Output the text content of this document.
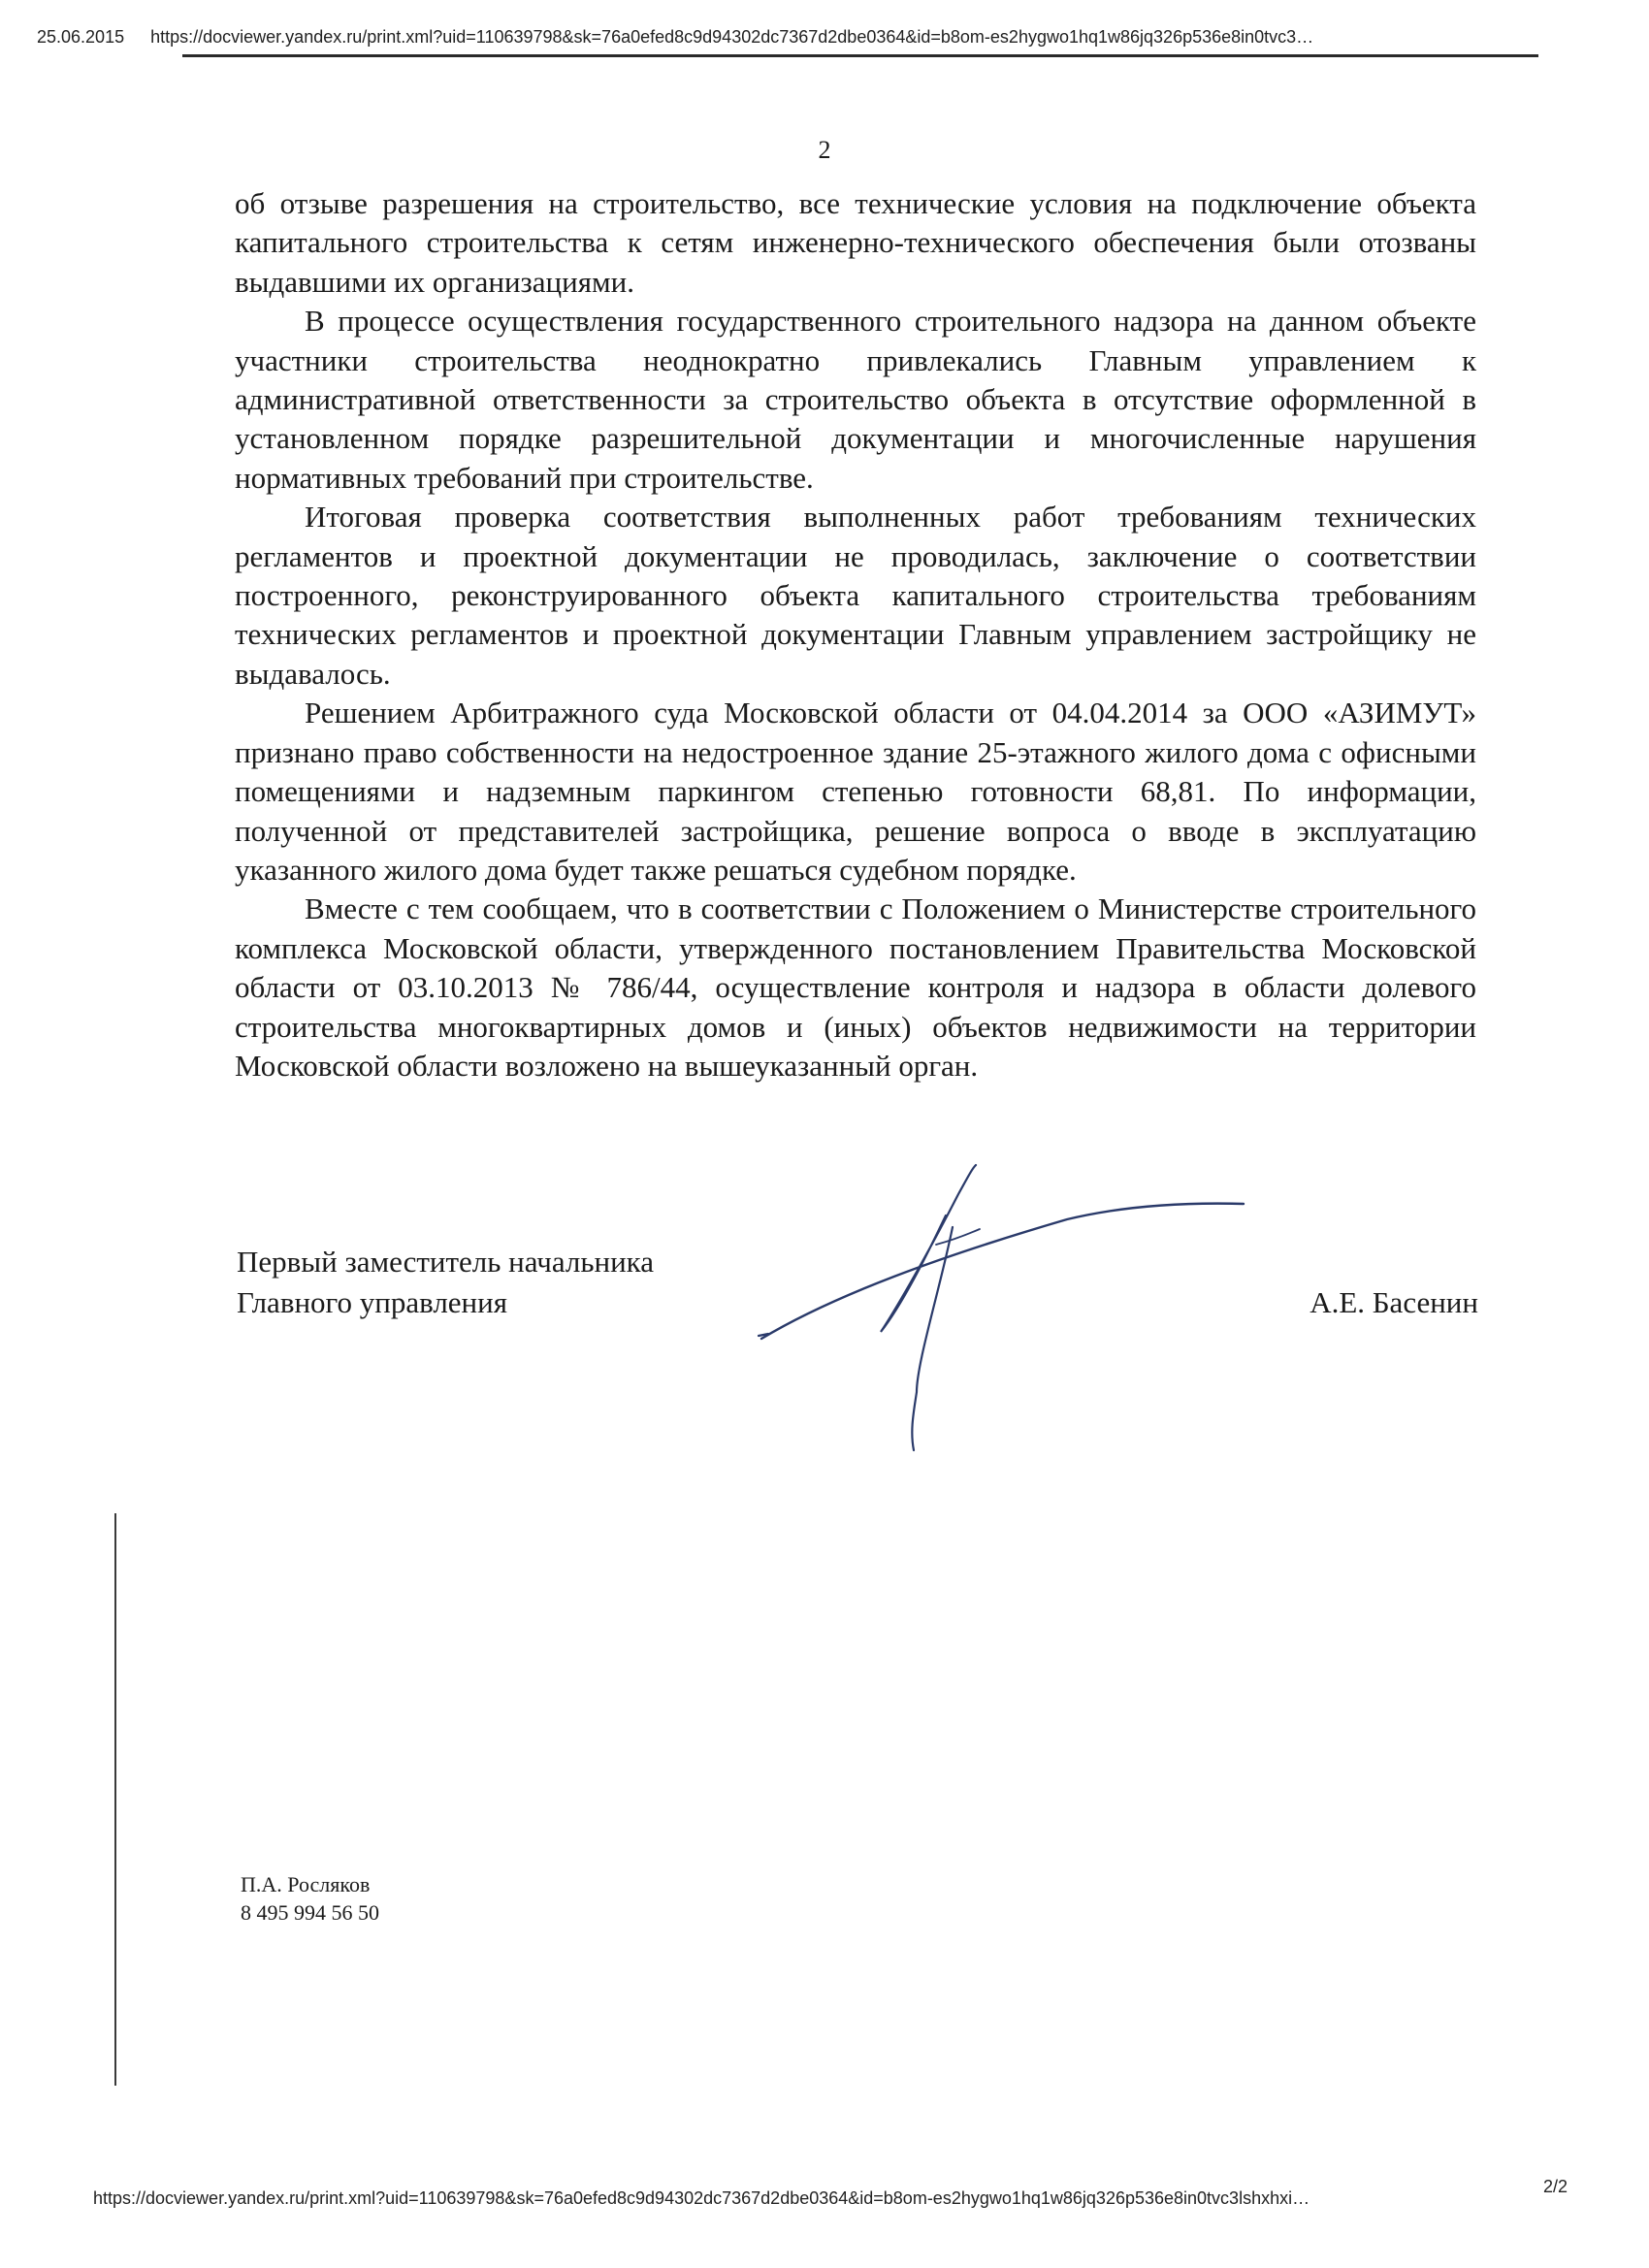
25.06.2015 https://docviewer.yandex.ru/print.xml?uid=110639798&sk=76a0efed8c9d94302dc7367d2dbe0364&id=b8om-es2hygwo1hq1w86jq326p536e8in0tvc3…
2

об отзыве разрешения на строительство, все технические условия на подключение объекта капитального строительства к сетям инженерно-технического обеспечения были отозваны выдавшими их организациями.

В процессе осуществления государственного строительного надзора на данном объекте участники строительства неоднократно привлекались Главным управлением к административной ответственности за строительство объекта в отсутствие оформленной в установленном порядке разрешительной документации и многочисленные нарушения нормативных требований при строительстве.

Итоговая проверка соответствия выполненных работ требованиям технических регламентов и проектной документации не проводилась, заключение о соответствии построенного, реконструированного объекта капитального строительства требованиям технических регламентов и проектной документации Главным управлением застройщику не выдавалось.

Решением Арбитражного суда Московской области от 04.04.2014 за ООО «АЗИМУТ» признано право собственности на недостроенное здание 25-этажного жилого дома с офисными помещениями и надземным паркингом степенью готовности 68,81. По информации, полученной от представителей застройщика, решение вопроса о вводе в эксплуатацию указанного жилого дома будет также решаться судебном порядке.

Вместе с тем сообщаем, что в соответствии с Положением о Министерстве строительного комплекса Московской области, утвержденного постановлением Правительства Московской области от 03.10.2013 № 786/44, осуществление контроля и надзора в области долевого строительства многоквартирных домов и (иных) объектов недвижимости на территории Московской области возложено на вышеуказанный орган.

Первый заместитель начальника
Главного управления	А.Е. Басенин
П.А. Росляков
8 495 994 56 50
https://docviewer.yandex.ru/print.xml?uid=110639798&sk=76a0efed8c9d94302dc7367d2dbe0364&id=b8om-es2hygwo1hq1w86jq326p536e8in0tvc3lshxhxi…
2/2
